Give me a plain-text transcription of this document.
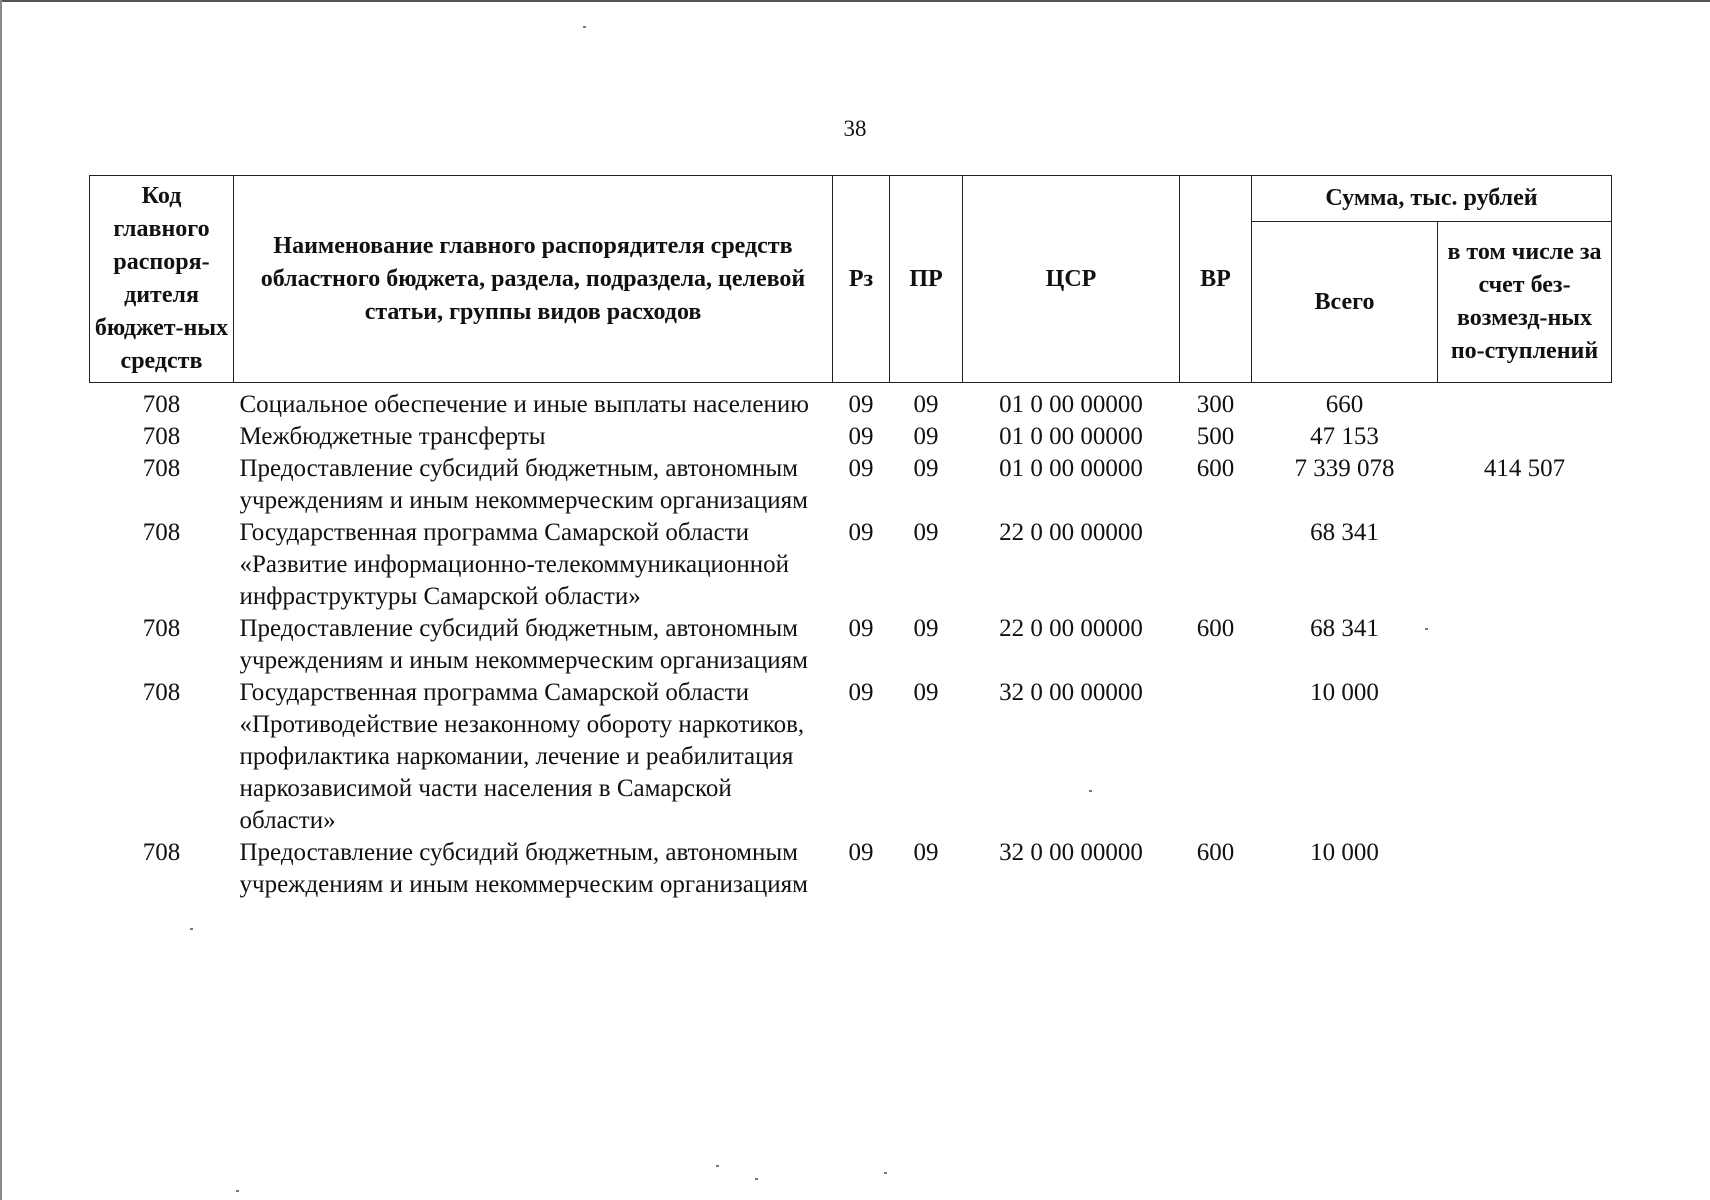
38
Код главного распоря-дителя бюджет-ных средств	Наименование главного распорядителя средств областного бюджета, раздела, подраздела, целевой статьи, группы видов расходов	Рз	ПР	ЦСР	ВР	Сумма, тыс. рублей	
						Всего	в том числе за счет без-возмезд-ных по-ступлений
708	Социальное обеспечение и иные выплаты населению	09	09	01 0 00 00000	300	660	
708	Межбюджетные трансферты	09	09	01 0 00 00000	500	47 153	
708	Предоставление субсидий бюджетным, автономным учреждениям и иным некоммерческим организациям	09	09	01 0 00 00000	600	7 339 078	414 507
708	Государственная программа Самарской области «Развитие информационно-телекоммуникационной инфраструктуры Самарской области»	09	09	22 0 00 00000		68 341	
708	Предоставление субсидий бюджетным, автономным учреждениям и иным некоммерческим организациям	09	09	22 0 00 00000	600	68 341	
708	Государственная программа Самарской области «Противодействие незаконному обороту наркотиков, профилактика наркомании, лечение и реабилитация наркозависимой части населения в Самарской области»	09	09	32 0 00 00000		10 000	
708	Предоставление субсидий бюджетным, автономным учреждениям и иным некоммерческим организациям	09	09	32 0 00 00000	600	10 000	
